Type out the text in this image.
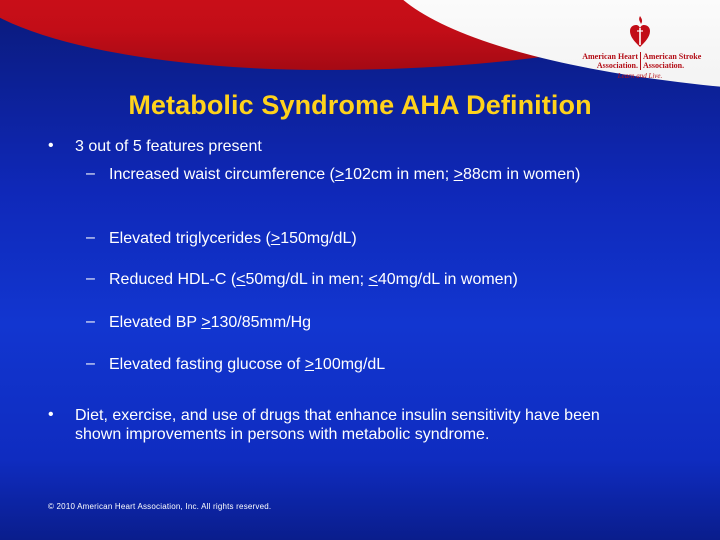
American Heart
Association.
American Stroke
Association.
Learn and Live.
Metabolic Syndrome AHA Definition
• 3 out of 5 features present
– Increased waist circumference (>102cm in men; >88cm in women)
– Elevated triglycerides (≥150mg/dL)
– Reduced HDL-C (<50mg/dL in men; <40mg/dL in women)
– Elevated BP ≥130/85mm/Hg
– Elevated fasting glucose of ≥100mg/dL
• Diet, exercise, and use of drugs that enhance insulin sensitivity have been shown improvements in persons with metabolic syndrome.
© 2010 American Heart Association, Inc. All rights reserved.
